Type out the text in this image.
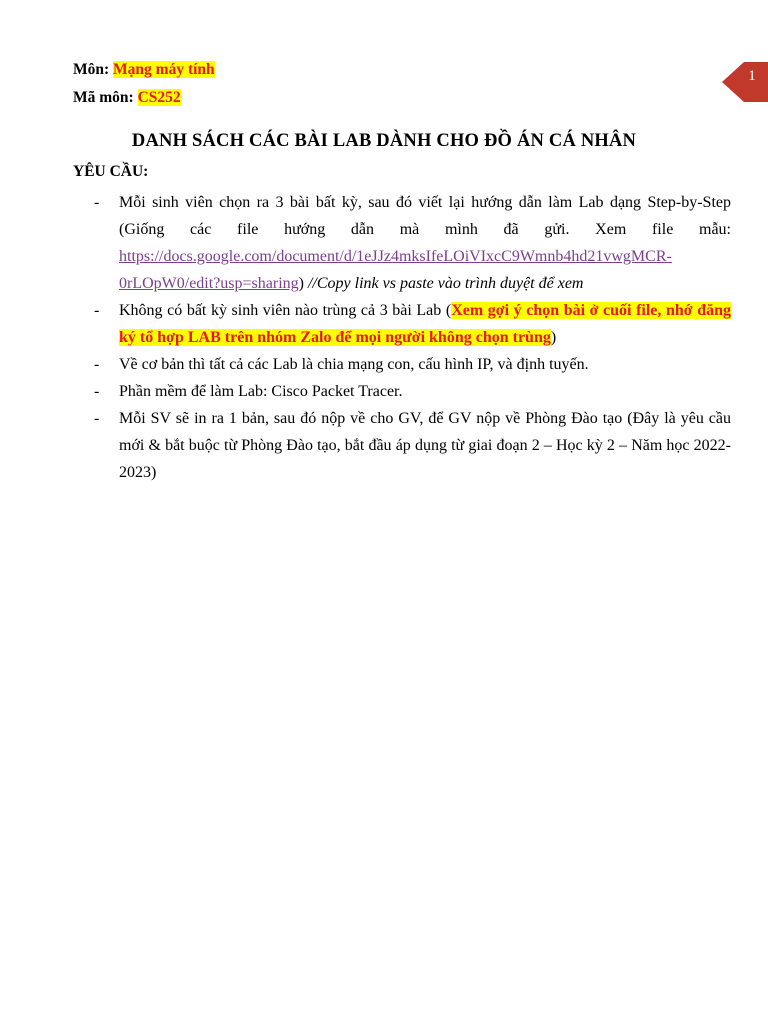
1
Môn: Mạng máy tính
Mã môn: CS252
DANH SÁCH CÁC BÀI LAB DÀNH CHO ĐỒ ÁN CÁ NHÂN
YÊU CẦU:
- Mỗi sinh viên chọn ra 3 bài bất kỳ, sau đó viết lại hướng dẫn làm Lab dạng Step-by-Step (Giống các file hướng dẫn mà mình đã gửi. Xem file mẫu: https://docs.google.com/document/d/1eJJz4mksIfeLOiVIxcC9Wmnb4hd21vwgMCR-
0rLOpW0/edit?usp=sharing) //Copy link vs paste vào trình duyệt để xem
- Không có bất kỳ sinh viên nào trùng cả 3 bài Lab (Xem gợi ý chọn bài ở cuối file, nhớ đăng ký tổ hợp LAB trên nhóm Zalo để mọi người không chọn trùng)
- Về cơ bản thì tất cả các Lab là chia mạng con, cấu hình IP, và định tuyến.
- Phần mềm để làm Lab: Cisco Packet Tracer.
- Mỗi SV sẽ in ra 1 bản, sau đó nộp về cho GV, để GV nộp về Phòng Đào tạo (Đây là yêu cầu mới & bắt buộc từ Phòng Đào tạo, bắt đầu áp dụng từ giai đoạn 2 – Học kỳ 2 – Năm học 2022-2023)
